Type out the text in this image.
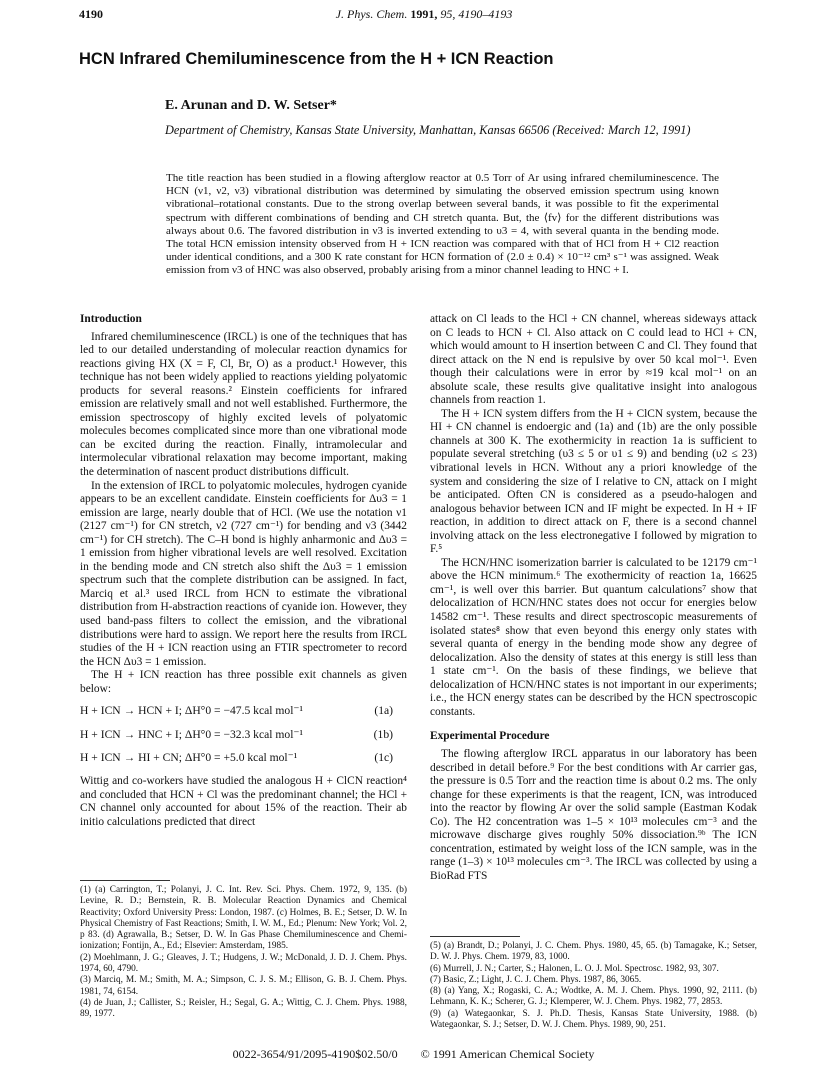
4190	J. Phys. Chem. 1991, 95, 4190–4193
HCN Infrared Chemiluminescence from the H + ICN Reaction
E. Arunan and D. W. Setser*
Department of Chemistry, Kansas State University, Manhattan, Kansas 66506 (Received: March 12, 1991)

The title reaction has been studied in a flowing afterglow reactor at 0.5 Torr of Ar using infrared chemiluminescence. The HCN (ν1, ν2, ν3) vibrational distribution was determined by simulating the observed emission spectrum using known vibrational–rotational constants. Due to the strong overlap between several bands, it was possible to fit the experimental spectrum with different combinations of bending and CH stretch quanta. But, the ⟨fv⟩ for the different distributions was always about 0.6. The favored distribution in ν3 is inverted extending to υ3 = 4, with several quanta in the bending mode. The total HCN emission intensity observed from H + ICN reaction was compared with that of HCl from H + Cl2 reaction under identical conditions, and a 300 K rate constant for HCN formation of (2.0 ± 0.4) × 10⁻¹² cm³ s⁻¹ was assigned. Weak emission from ν3 of HNC was also observed, probably arising from a minor channel leading to HNC + I.

Introduction

Infrared chemiluminescence (IRCL) is one of the techniques that has led to our detailed understanding of molecular reaction dynamics for reactions giving HX (X = F, Cl, Br, O) as a product.¹ However, this technique has not been widely applied to reactions yielding polyatomic products for several reasons.² Einstein coefficients for infrared emission are relatively small and not well established. Furthermore, the emission spectroscopy of highly excited levels of polyatomic molecules becomes complicated since more than one vibrational mode can be excited during the reaction. Finally, intramolecular and intermolecular vibrational relaxation may become important, making the determination of nascent product distributions difficult.

In the extension of IRCL to polyatomic molecules, hydrogen cyanide appears to be an excellent candidate. Einstein coefficients for Δυ3 = 1 emission are large, nearly double that of HCl. (We use the notation ν1 (2127 cm⁻¹) for CN stretch, ν2 (727 cm⁻¹) for bending and ν3 (3442 cm⁻¹) for CH stretch). The C–H bond is highly anharmonic and Δυ3 = 1 emission from higher vibrational levels are well resolved. Excitation in the bending mode and CN stretch also shift the Δυ3 = 1 emission spectrum such that the complete distribution can be assigned. In fact, Marciq et al.³ used IRCL from HCN to estimate the vibrational distribution from H-abstraction reactions of cyanide ion. However, they used band-pass filters to collect the emission, and the vibrational distributions were hard to assign. We report here the results from IRCL studies of the H + ICN reaction using an FTIR spectrometer to record the HCN Δυ3 = 1 emission.

The H + ICN reaction has three possible exit channels as given below:

H + ICN → HCN + I; ΔH°0 = −47.5 kcal mol⁻¹	(1a)
H + ICN → HNC + I; ΔH°0 = −32.3 kcal mol⁻¹	(1b)
H + ICN → HI + CN; ΔH°0 = +5.0 kcal mol⁻¹	(1c)

Wittig and co-workers have studied the analogous H + ClCN reaction⁴ and concluded that HCN + Cl was the predominant channel; the HCl + CN channel only accounted for about 15% of the reaction. Their ab initio calculations predicted that direct

attack on Cl leads to the HCl + CN channel, whereas sideways attack on C leads to HCN + Cl. Also attack on C could lead to HCl + CN, which would amount to H insertion between C and Cl. They found that direct attack on the N end is repulsive by over 50 kcal mol⁻¹. Even though their calculations were in error by ≈19 kcal mol⁻¹ on an absolute scale, these results give qualitative insight into analogous channels from reaction 1.

The H + ICN system differs from the H + ClCN system, because the HI + CN channel is endoergic and (1a) and (1b) are the only possible channels at 300 K. The exothermicity in reaction 1a is sufficient to populate several stretching (υ3 ≤ 5 or υ1 ≤ 9) and bending (υ2 ≤ 23) vibrational levels in HCN. Without any a priori knowledge of the system and considering the size of I relative to CN, attack on I might be anticipated. Often CN is considered as a pseudo-halogen and analogous behavior between ICN and IF might be expected. In H + IF reaction, in addition to direct attack on F, there is a second channel involving attack on the less electronegative I followed by migration to F.⁵

The HCN/HNC isomerization barrier is calculated to be 12179 cm⁻¹ above the HCN minimum.⁶ The exothermicity of reaction 1a, 16625 cm⁻¹, is well over this barrier. But quantum calculations⁷ show that delocalization of HCN/HNC states does not occur for energies below 14582 cm⁻¹. These results and direct spectroscopic measurements of isolated states⁸ show that even beyond this energy only states with several quanta of energy in the bending mode show any degree of delocalization. Also the density of states at this energy is still less than 1 state cm⁻¹. On the basis of these findings, we believe that delocalization of HCN/HNC states is not important in our experiments; i.e., the HCN energy states can be described by the HCN spectroscopic constants.

Experimental Procedure

The flowing afterglow IRCL apparatus in our laboratory has been described in detail before.⁹ For the best conditions with Ar carrier gas, the pressure is 0.5 Torr and the reaction time is about 0.2 ms. The only change for these experiments is that the reagent, ICN, was introduced into the reactor by flowing Ar over the solid sample (Eastman Kodak Co). The H2 concentration was 1–5 × 10¹³ molecules cm⁻³ and the microwave discharge gives roughly 50% dissociation.⁹ᵇ The ICN concentration, estimated by weight loss of the ICN sample, was in the range (1–3) × 10¹³ molecules cm⁻³. The IRCL was collected by using a BioRad FTS

(1) (a) Carrington, T.; Polanyi, J. C. Int. Rev. Sci. Phys. Chem. 1972, 9, 135. (b) Levine, R. D.; Bernstein, R. B. Molecular Reaction Dynamics and Chemical Reactivity; Oxford University Press: London, 1987. (c) Holmes, B. E.; Setser, D. W. In Physical Chemistry of Fast Reactions; Smith, I. W. M., Ed.; Plenum: New York; Vol. 2, p 83. (d) Agrawalla, B.; Setser, D. W. In Gas Phase Chemiluminescence and Chemi-ionization; Fontijn, A., Ed.; Elsevier: Amsterdam, 1985.

(2) Moehlmann, J. G.; Gleaves, J. T.; Hudgens, J. W.; McDonald, J. D. J. Chem. Phys. 1974, 60, 4790.

(3) Marciq, M. M.; Smith, M. A.; Simpson, C. J. S. M.; Ellison, G. B. J. Chem. Phys. 1981, 74, 6154.

(4) de Juan, J.; Callister, S.; Reisler, H.; Segal, G. A.; Wittig, C. J. Chem. Phys. 1988, 89, 1977.

(5) (a) Brandt, D.; Polanyi, J. C. Chem. Phys. 1980, 45, 65. (b) Tamagake, K.; Setser, D. W. J. Phys. Chem. 1979, 83, 1000.

(6) Murrell, J. N.; Carter, S.; Halonen, L. O. J. Mol. Spectrosc. 1982, 93, 307.

(7) Basic, Z.; Light, J. C. J. Chem. Phys. 1987, 86, 3065.

(8) (a) Yang, X.; Rogaski, C. A.; Wodtke, A. M. J. Chem. Phys. 1990, 92, 2111. (b) Lehmann, K. K.; Scherer, G. J.; Klemperer, W. J. Chem. Phys. 1982, 77, 2853.

(9) (a) Wategaonkar, S. J. Ph.D. Thesis, Kansas State University, 1988. (b) Wategaonkar, S. J.; Setser, D. W. J. Chem. Phys. 1989, 90, 251.

0022-3654/91/2095-4190$02.50/0 © 1991 American Chemical Society
